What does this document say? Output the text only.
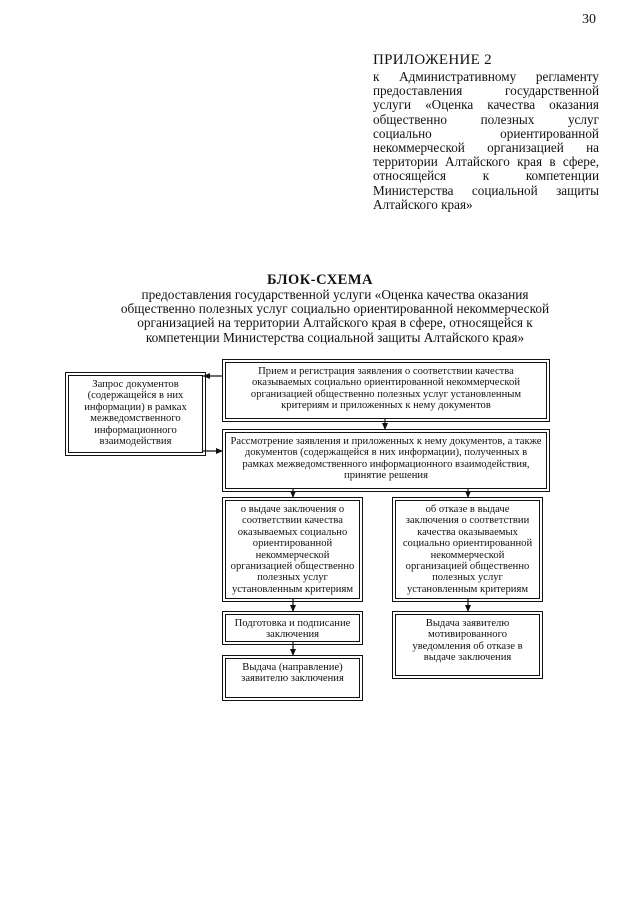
30
ПРИЛОЖЕНИЕ 2
к Административному регламенту предоставления государственной услуги «Оценка качества оказания общественно полезных услуг социально ориентированной некоммерческой организацией на территории Алтайского края в сфере, относящейся к компетенции Министерства социальной защиты Алтайского края»
БЛОК-СХЕМА
предоставления государственной услуги «Оценка качества оказания общественно полезных услуг социально ориентированной некоммерческой организацией на территории Алтайского края в сфере, относящейся к компетенции Министерства социальной защиты Алтайского края»
Прием и регистрация заявления о соответствии качества оказываемых социально ориентированной некоммерческой организацией общественно полезных услуг установленным критериям и приложенных к нему документов
Запрос документов (содержащейся в них информации) в рамках межведомственного информационного взаимодействия	Рассмотрение заявления и приложенных к нему документов, а также документов (содержащейся в них информации), полученных в рамках межведомственного информационного взаимодействия, принятие решения
о выдаче заключения о соответствии качества оказываемых социально ориентированной некоммерческой организацией общественно полезных услуг установленным критериям
об отказе в выдаче заключения о соответствии качества оказываемых социально ориентированной некоммерческой организацией общественно полезных услуг установленным критериям
Подготовка и подписание заключения
Выдача (направление) заявителю заключения
Выдача заявителю мотивированного уведомления об отказе в выдаче заключения
